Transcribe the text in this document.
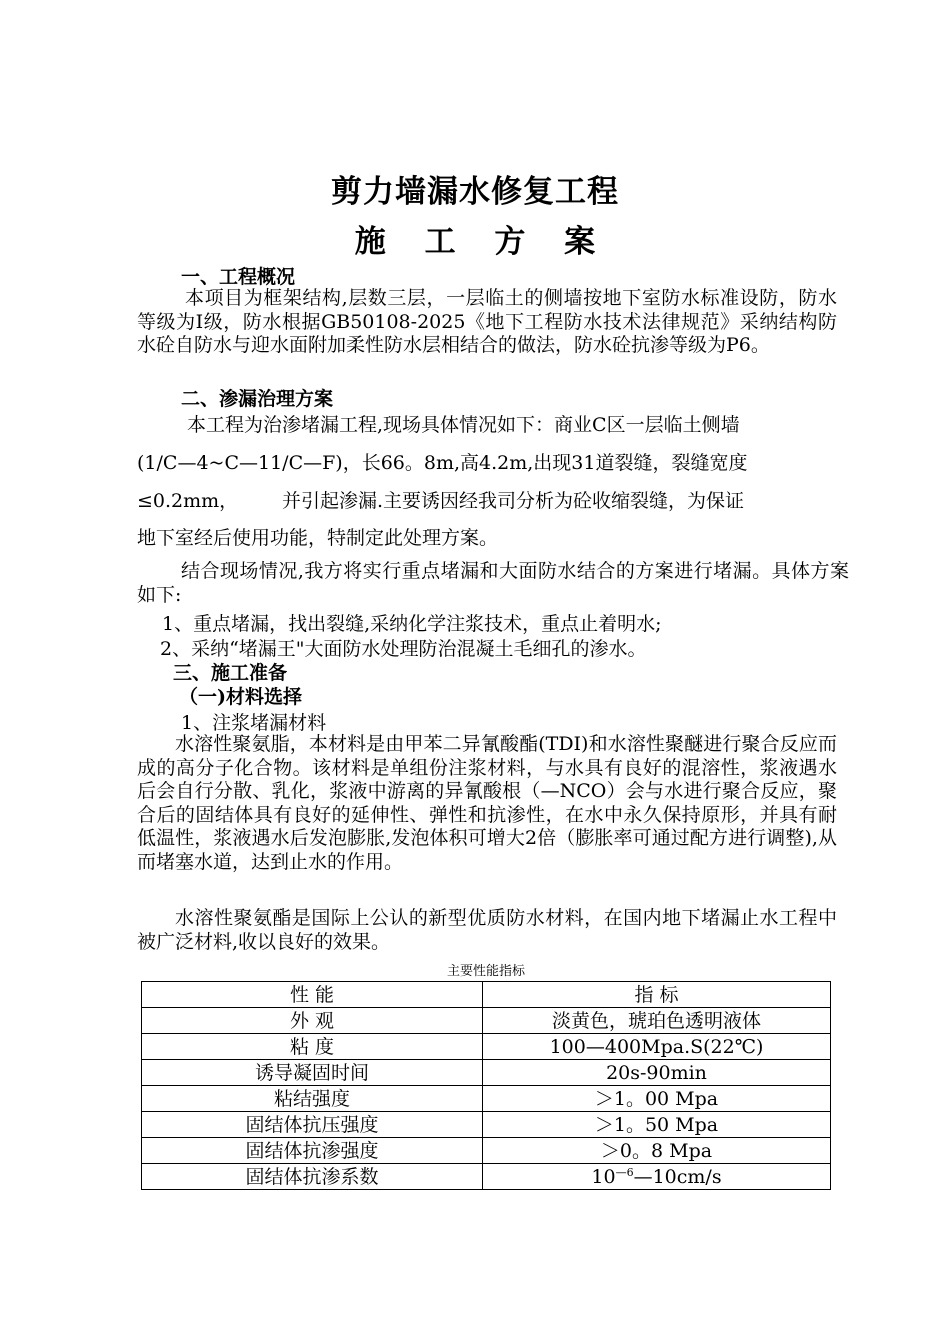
剪力墙漏水修复工程
施 工 方 案
一、工程概况
本项目为框架结构,层数三层，一层临土的侧墙按地下室防水标准设防，防水等级为Ⅰ级，防水根据GB50108-2025《地下工程防水技术法律规范》采纳结构防水砼自防水与迎水面附加柔性防水层相结合的做法，防水砼抗渗等级为P6。
二、渗漏治理方案
本工程为治渗堵漏工程,现场具体情况如下：商业C区一层临土侧墙
(1/C—4~C—11/C—F)，长66。8m,高4.2m,出现31道裂缝，裂缝宽度
≤0.2mm， 并引起渗漏.主要诱因经我司分析为砼收缩裂缝，为保证
地下室经后使用功能，特制定此处理方案。
结合现场情况,我方将实行重点堵漏和大面防水结合的方案进行堵漏。具体方案如下:
1、重点堵漏，找出裂缝,采纳化学注浆技术，重点止着明水;
2、采纳“堵漏王"大面防水处理防治混凝土毛细孔的渗水。
三、施工准备
（一)材料选择
1、注浆堵漏材料
水溶性聚氨脂，本材料是由甲苯二异氰酸酯(TDI)和水溶性聚醚进行聚合反应而成的高分子化合物。该材料是单组份注浆材料，与水具有良好的混溶性，浆液遇水后会自行分散、乳化，浆液中游离的异氰酸根（—NCO）会与水进行聚合反应，聚合后的固结体具有良好的延伸性、弹性和抗渗性，在水中永久保持原形，并具有耐低温性，浆液遇水后发泡膨胀,发泡体积可增大2倍（膨胀率可通过配方进行调整),从而堵塞水道，达到止水的作用。
水溶性聚氨酯是国际上公认的新型优质防水材料，在国内地下堵漏止水工程中被广泛材料,收以良好的效果。
主要性能指标
性 能	指 标
外 观	淡黄色，琥珀色透明液体
粘 度	100—400Mpa.S(22℃)
诱导凝固时间	20s-90min
粘结强度	＞1。00 Mpa
固结体抗压强度	＞1。50 Mpa
固结体抗渗强度	＞0。8 Mpa
固结体抗渗系数	$10^{—6}—10cm/s$
